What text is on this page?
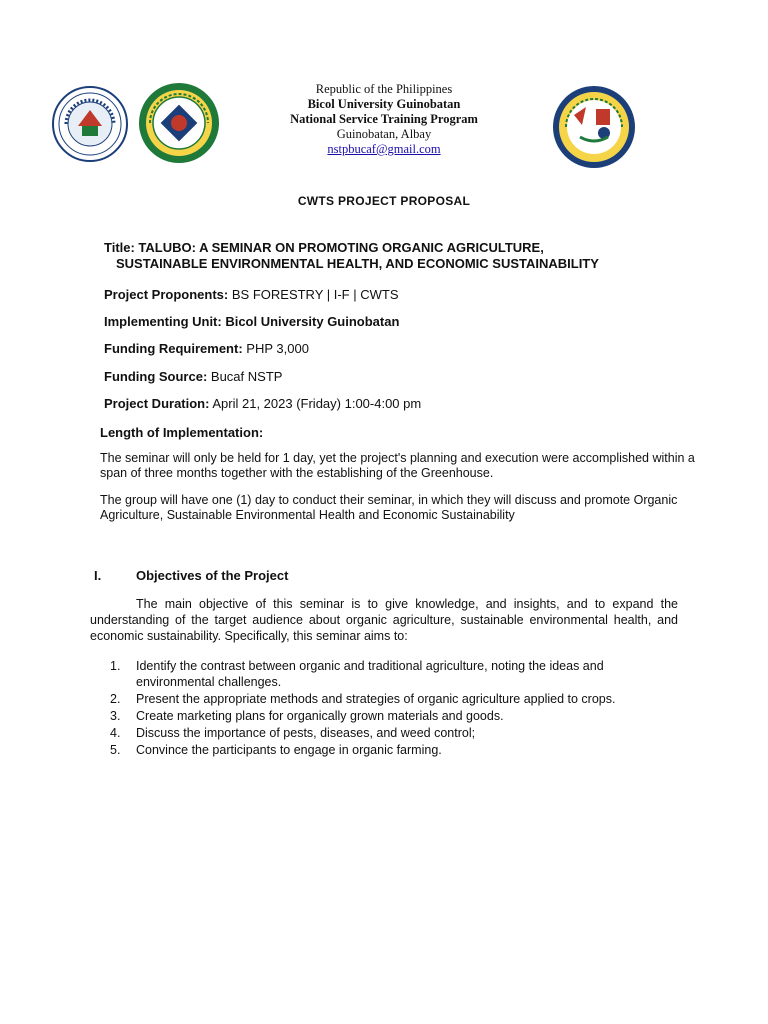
Republic of the Philippines
Bicol University Guinobatan
National Service Training Program
Guinobatan, Albay
nstpbucaf@gmail.com
CWTS PROJECT PROPOSAL
Title: TALUBO: A SEMINAR ON PROMOTING ORGANIC AGRICULTURE,
SUSTAINABLE ENVIRONMENTAL HEALTH, AND ECONOMIC SUSTAINABILITY
Project Proponents: BS FORESTRY | I-F | CWTS
Implementing Unit: Bicol University Guinobatan
Funding Requirement: PHP 3,000
Funding Source: Bucaf NSTP
Project Duration: April 21, 2023 (Friday) 1:00-4:00 pm
Length of Implementation:
The seminar will only be held for 1 day, yet the project's planning and execution were accomplished within a span of three months together with the establishing of the Greenhouse.
The group will have one (1) day to conduct their seminar, in which they will discuss and promote Organic Agriculture, Sustainable Environmental Health and Economic Sustainability
I.	Objectives of the Project
The main objective of this seminar is to give knowledge, and insights, and to expand the understanding of the target audience about organic agriculture, sustainable environmental health, and economic sustainability. Specifically, this seminar aims to:
1. Identify the contrast between organic and traditional agriculture, noting the ideas and environmental challenges.
2. Present the appropriate methods and strategies of organic agriculture applied to crops.
3. Create marketing plans for organically grown materials and goods.
4. Discuss the importance of pests, diseases, and weed control;
5. Convince the participants to engage in organic farming.
